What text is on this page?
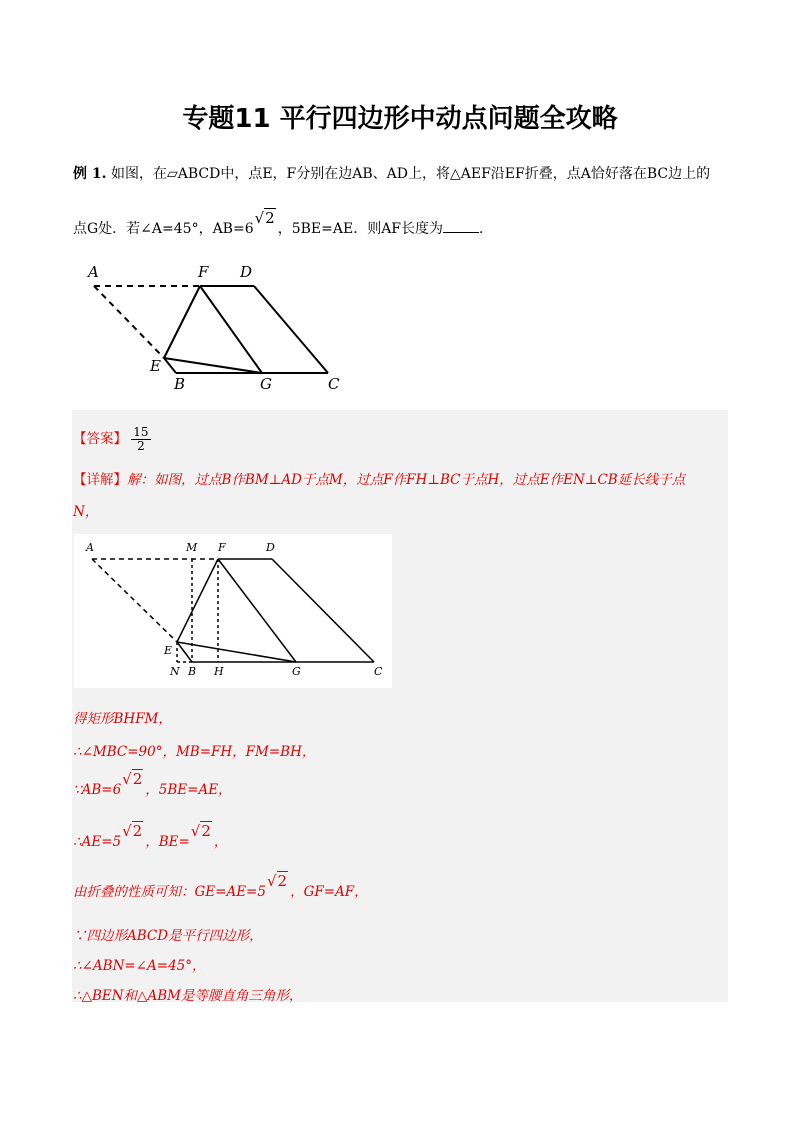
专题11 平行四边形中动点问题全攻略
例 1. 如图，在▱ABCD中，点E，F分别在边AB、AD上，将△AEF沿EF折叠，点A恰好落在BC边上的
点G处．若∠A=45°，AB=6√2，5BE=AE．则AF长度为	．
A	F D
E
B	G	C
【答案】 $\frac{15}{2}$
【详解】解：如图，过点B作BM⊥AD于点M，过点F作FH⊥BC于点H，过点E作EN⊥CB延长线于点
N，
A	M F	D
E
N B H	G	C
得矩形BHFM，
∴∠MBC=90°，MB=FH，FM=BH，
∵AB=6√2，5BE=AE，
∴AE=5√2，BE=√2，
由折叠的性质可知：GE=AE=5√2，GF=AF，
∵四边形ABCD是平行四边形，
∴∠ABN=∠A=45°，
∴△BEN和△ABM是等腰直角三角形，
